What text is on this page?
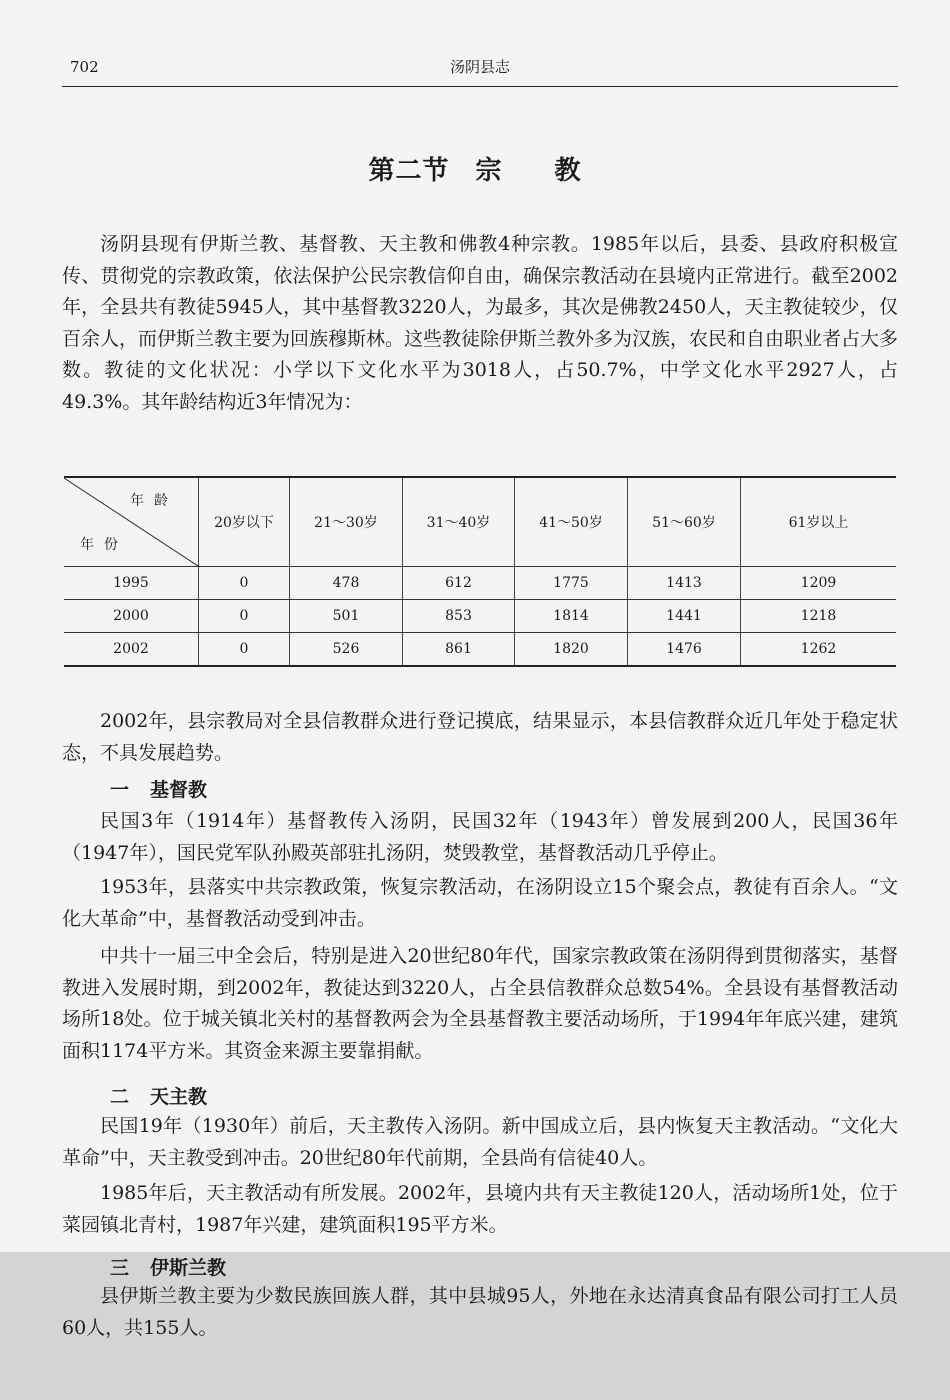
702	汤阴县志
第二节 宗 教

汤阴县现有伊斯兰教、基督教、天主教和佛教4种宗教。1985年以后，县委、县政府积极宣传、贯彻党的宗教政策，依法保护公民宗教信仰自由，确保宗教活动在县境内正常进行。截至2002年，全县共有教徒5945人，其中基督教3220人，为最多，其次是佛教2450人，天主教徒较少，仅百余人，而伊斯兰教主要为回族穆斯林。这些教徒除伊斯兰教外多为汉族，农民和自由职业者占大多数。教徒的文化状况：小学以下文化水平为3018人，占50.7%，中学文化水平2927人，占49.3%。其年龄结构近3年情况为：

年龄
年份	20岁以下	21～30岁	31～40岁	41～50岁	51～60岁	61岁以上
1995	0	478	612	1775	1413	1209
2000	0	501	853	1814	1441	1218
2002	0	526	861	1820	1476	1262

2002年，县宗教局对全县信教群众进行登记摸底，结果显示，本县信教群众近几年处于稳定状态，不具发展趋势。

一 基督教

民国3年（1914年）基督教传入汤阴，民国32年（1943年）曾发展到200人，民国36年（1947年），国民党军队孙殿英部驻扎汤阴，焚毁教堂，基督教活动几乎停止。

1953年，县落实中共宗教政策，恢复宗教活动，在汤阴设立15个聚会点，教徒有百余人。“文化大革命”中，基督教活动受到冲击。

中共十一届三中全会后，特别是进入20世纪80年代，国家宗教政策在汤阴得到贯彻落实，基督教进入发展时期，到2002年，教徒达到3220人，占全县信教群众总数54%。全县设有基督教活动场所18处。位于城关镇北关村的基督教两会为全县基督教主要活动场所，于1994年年底兴建，建筑面积1174平方米。其资金来源主要靠捐献。

二 天主教

民国19年（1930年）前后，天主教传入汤阴。新中国成立后，县内恢复天主教活动。“文化大革命”中，天主教受到冲击。20世纪80年代前期，全县尚有信徒40人。

1985年后，天主教活动有所发展。2002年，县境内共有天主教徒120人，活动场所1处，位于菜园镇北青村，1987年兴建，建筑面积195平方米。

三 伊斯兰教

县伊斯兰教主要为少数民族回族人群，其中县城95人，外地在永达清真食品有限公司打工人员60人，共155人。
